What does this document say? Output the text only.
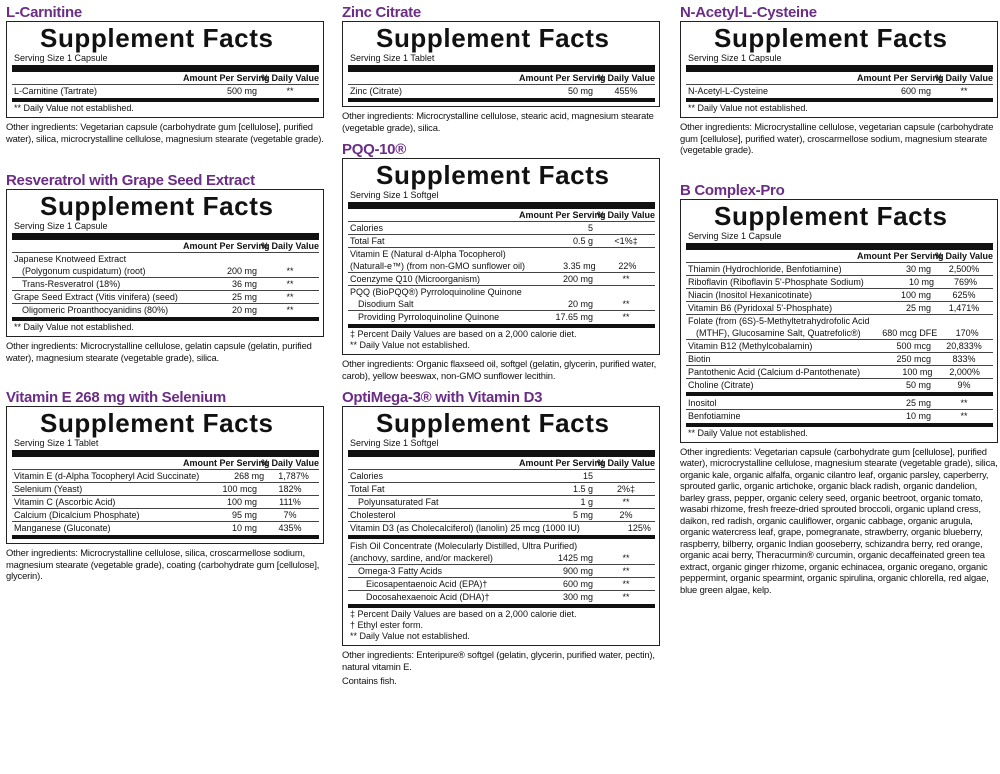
L-Carnitine
Supplement Facts
Serving Size 1 Capsule
Amount Per Serving
% Daily Value
L-Carnitine (Tartrate)	500 mg	**
** Daily Value not established.
Other ingredients: Vegetarian capsule (carbohydrate gum [cellulose], purified water), silica, microcrystalline cellulose, magnesium stearate (vegetable grade).
Resveratrol with Grape Seed Extract
Supplement Facts
Serving Size 1 Capsule
Amount Per Serving
% Daily Value
Japanese Knotweed Extract
(Polygonum cuspidatum) (root)	200 mg	**
Trans-Resveratrol (18%)	36 mg	**
Grape Seed Extract (Vitis vinifera) (seed)	25 mg	**
Oligomeric Proanthocyanidins (80%)	20 mg	**
** Daily Value not established.
Other ingredients: Microcrystalline cellulose, gelatin capsule (gelatin, purified water), magnesium stearate (vegetable grade), silica.
Vitamin E 268 mg with Selenium
Supplement Facts
Serving Size 1 Tablet
Amount Per Serving
% Daily Value
Vitamin E (d-Alpha Tocopheryl Acid Succinate)	268 mg	1,787%
Selenium (Yeast)	100 mcg	182%
Vitamin C (Ascorbic Acid)	100 mg	111%
Calcium (Dicalcium Phosphate)	95 mg	7%
Manganese (Gluconate)	10 mg	435%
Other ingredients: Microcrystalline cellulose, silica, croscarmellose sodium, magnesium stearate (vegetable grade), coating (carbohydrate gum [cellulose], glycerin).
Zinc Citrate
Supplement Facts
Serving Size 1 Tablet
Amount Per Serving
% Daily Value
Zinc (Citrate)	50 mg	455%
Other ingredients: Microcrystalline cellulose, stearic acid, magnesium stearate (vegetable grade), silica.
PQQ-10®
Supplement Facts
Serving Size 1 Softgel
Amount Per Serving
% Daily Value
Calories	5
Total Fat	0.5 g	<1%‡
Vitamin E (Natural d-Alpha Tocopherol)
(Naturall-e™) (from non-GMO sunflower oil)	3.35 mg	22%
Coenzyme Q10 (Microorganism)	200 mg	**
PQQ (BioPQQ®) Pyrroloquinoline Quinone
Disodium Salt	20 mg	**
Providing Pyrroloquinoline Quinone	17.65 mg	**
‡ Percent Daily Values are based on a 2,000 calorie diet.
** Daily Value not established.
Other ingredients: Organic flaxseed oil, softgel (gelatin, glycerin, purified water, carob), yellow beeswax, non-GMO sunflower lecithin.
OptiMega-3® with Vitamin D3
Supplement Facts
Serving Size 1 Softgel
Amount Per Serving
% Daily Value
Calories	15
Total Fat	1.5 g	2%‡
Polyunsaturated Fat	1 g	**
Cholesterol	5 mg	2%
Vitamin D3 (as Cholecalciferol) (lanolin) 25 mcg (1000 IU)	125%
Fish Oil Concentrate (Molecularly Distilled, Ultra Purified)
(anchovy, sardine, and/or mackerel)	1425 mg	**
Omega-3 Fatty Acids	900 mg	**
Eicosapentaenoic Acid (EPA)†	600 mg	**
Docosahexaenoic Acid (DHA)†	300 mg	**
‡ Percent Daily Values are based on a 2,000 calorie diet.
† Ethyl ester form.
** Daily Value not established.
Other ingredients: Enteripure® softgel (gelatin, glycerin, purified water, pectin), natural vitamin E.
Contains fish.
N-Acetyl-L-Cysteine
Supplement Facts
Serving Size 1 Capsule
Amount Per Serving
% Daily Value
N-Acetyl-L-Cysteine	600 mg	**
** Daily Value not established.
Other ingredients: Microcrystalline cellulose, vegetarian capsule (carbohydrate gum [cellulose], purified water), croscarmellose sodium, magnesium stearate (vegetable grade).
B Complex-Pro
Supplement Facts
Serving Size 1 Capsule
Amount Per Serving
% Daily Value
Thiamin (Hydrochloride, Benfotiamine)	30 mg	2,500%
Riboflavin (Riboflavin 5'-Phosphate Sodium)	10 mg	769%
Niacin (Inositol Hexanicotinate)	100 mg	625%
Vitamin B6 (Pyridoxal 5'-Phosphate)	25 mg	1,471%
Folate (from (6S)-5-Methyltetrahydrofolic Acid
(MTHF), Glucosamine Salt, Quatrefolic®)	680 mcg DFE	170%
Vitamin B12 (Methylcobalamin)	500 mcg	20,833%
Biotin	250 mcg	833%
Pantothenic Acid (Calcium d-Pantothenate)	100 mg	2,000%
Choline (Citrate)	50 mg	9%
Inositol	25 mg	**
Benfotiamine	10 mg	**
** Daily Value not established.
Other ingredients: Vegetarian capsule (carbohydrate gum [cellulose], purified water), microcrystalline cellulose, magnesium stearate (vegetable grade), silica, organic kale, organic alfalfa, organic cilantro leaf, organic parsley, caperberry, sprouted garlic, organic artichoke, organic black radish, organic dandelion, barley grass, pepper, organic celery seed, organic beetroot, organic tomato, wasabi rhizome, fresh freeze-dried sprouted broccoli, organic upland cress, daikon, red radish, organic cauliflower, organic cabbage, organic arugula, organic watercress leaf, grape, pomegranate, strawberry, organic blueberry, raspberry, bilberry, organic Indian gooseberry, schizandra berry, red orange, organic acai berry, Theracurmin® curcumin, organic decaffeinated green tea extract, organic ginger rhizome, organic echinacea, organic oregano, organic peppermint, organic spearmint, organic spirulina, organic chlorella, red algae, blue green algae, kelp.
